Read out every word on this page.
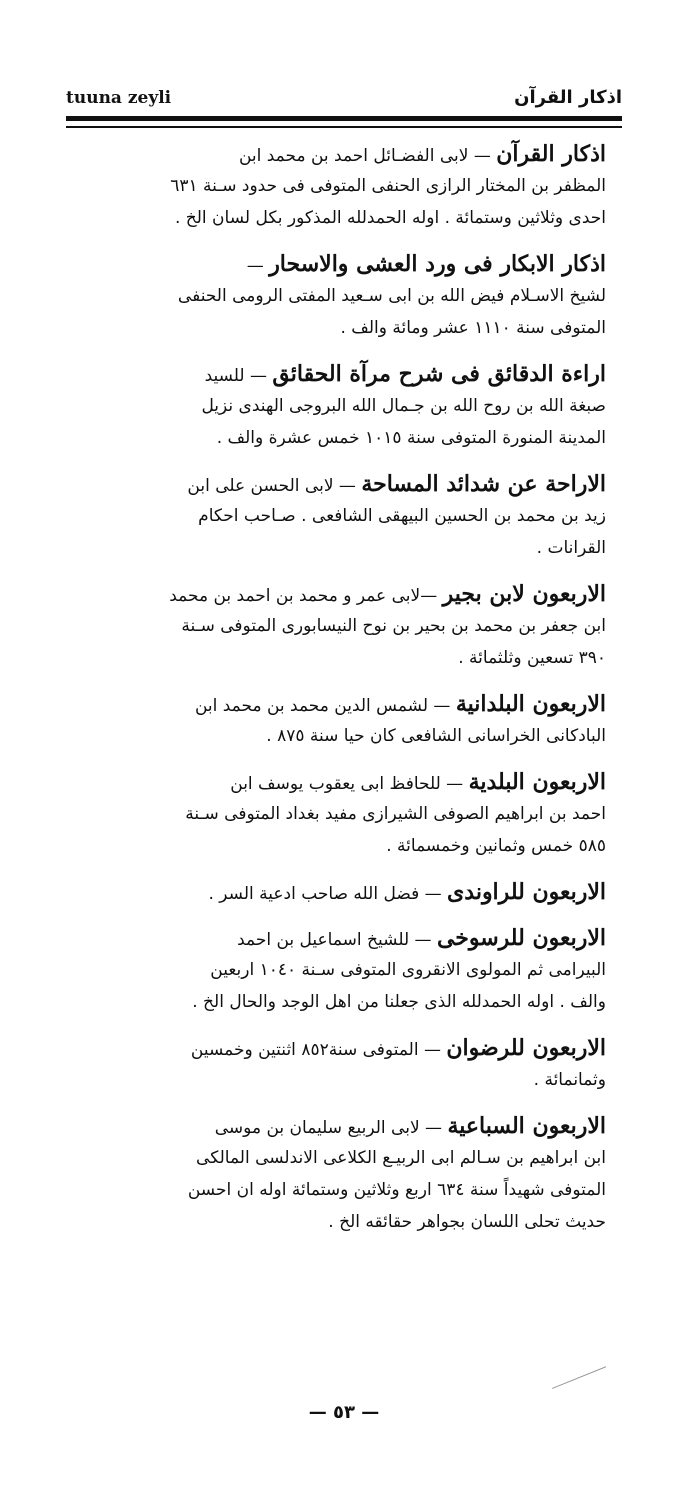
tuuna zeyli	اذكار القرآن
اذكار القرآن — لابى الفضـائل احمد بن محمد ابن
المظفر بن المختار الرازى الحنفى المتوفى فى حدود سـنة ٦٣١
احدى وثلاثين وستمائة . اوله الحمدلله المذكور بكل لسان الخ .
اذكار الابكار فى ورد العشى والاسحار —
لشيخ الاسـلام فيض الله بن ابى سـعيد المفتى الرومى الحنفى
المتوفى سنة ١١١٠ عشر ومائة والف .
اراءة الدقائق فى شرح مرآة الحقائق — للسيد
صبغة الله بن روح الله بن جـمال الله البروجى الهندى نزيل
المدينة المنورة المتوفى سنة ١٠١٥ خمس عشرة والف .
الاراحة عن شدائد المساحة — لابى الحسن على ابن
زيد بن محمد بن الحسين البيهقى الشافعى . صـاحب احكام
القرانات .
الاربعون لابن بجير —لابى عمر و محمد بن احمد بن محمد
ابن جعفر بن محمد بن بحير بن نوح النيسابورى المتوفى سـنة
٣٩٠ تسعين وثلثمائة .
الاربعون البلدانية — لشمس الدين محمد بن محمد ابن
البادكانى الخراسانى الشافعى كان حيا سنة ٨٧٥ .
الاربعون البلدية — للحافظ ابى يعقوب يوسف ابن
احمد بن ابراهيم الصوفى الشيرازى مفيد بغداد المتوفى سـنة
٥٨٥ خمس وثمانين وخمسمائة .
الاربعون للراوندى — فضل الله صاحب ادعية السر .
الاربعون للرسوخى — للشيخ اسماعيل بن احمد
البيرامى ثم المولوى الانقروى المتوفى سـنة ١٠٤٠ اربعين
والف . اوله الحمدلله الذى جعلنا من اهل الوجد والحال الخ .
الاربعون للرضوان — المتوفى سنة٨٥٢ اثنتين وخمسين
وثمانمائة .
الاربعون السباعية — لابى الربيع سليمان بن موسى
ابن ابراهيم بن سـالم ابى الربيـع الكلاعى الاندلسى المالكى
المتوفى شهيداً سنة ٦٣٤ اربع وثلاثين وستمائة اوله ان احسن
حديث تحلى اللسان بجواهر حقائقه الخ .
— ٥٣ —
